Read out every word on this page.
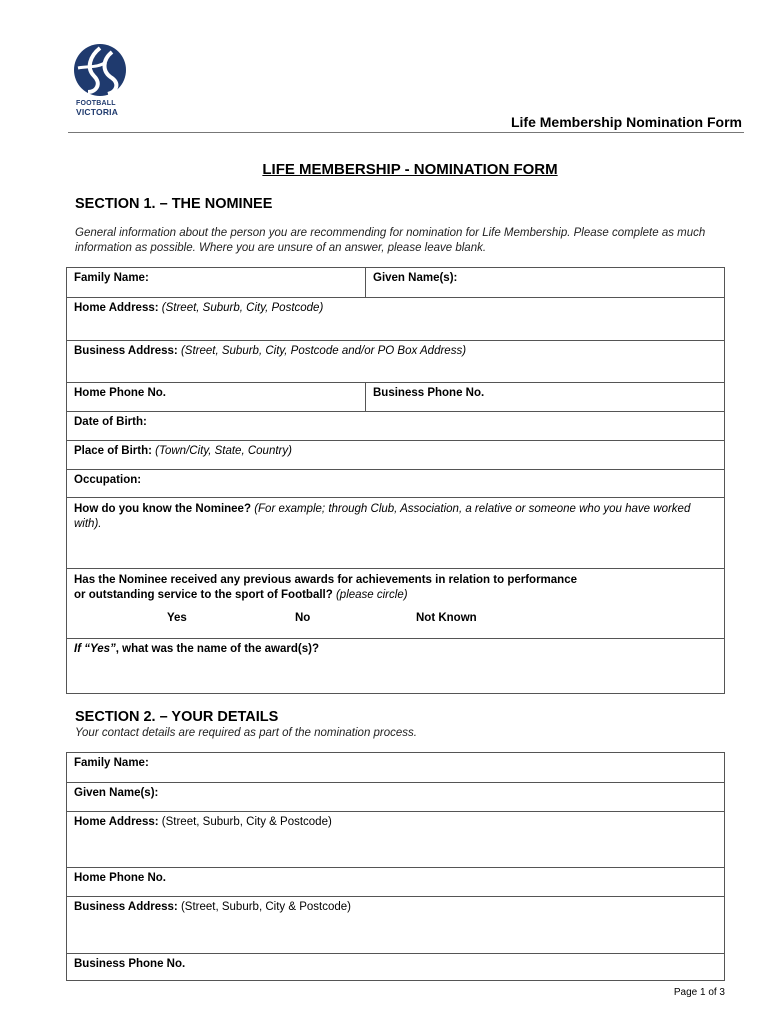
FOOTBALL
VICTORIA
Life Membership Nomination Form
LIFE MEMBERSHIP - NOMINATION FORM
SECTION 1. – THE NOMINEE
General information about the person you are recommending for nomination for Life Membership. Please complete as much information as possible. Where you are unsure of an answer, please leave blank.
Family Name:	Given Name(s):
Home Address: (Street, Suburb, City, Postcode)
Business Address: (Street, Suburb, City, Postcode and/or PO Box Address)
Home Phone No.	Business Phone No.
Date of Birth:
Place of Birth: (Town/City, State, Country)
Occupation:
How do you know the Nominee? (For example; through Club, Association, a relative or someone who you have worked with).
Has the Nominee received any previous awards for achievements in relation to performance
or outstanding service to the sport of Football? (please circle)
Yes	No	Not Known
If “Yes”, what was the name of the award(s)?
SECTION 2. – YOUR DETAILS
Your contact details are required as part of the nomination process.
Family Name:
Given Name(s):
Home Address: (Street, Suburb, City & Postcode)
Home Phone No.
Business Address: (Street, Suburb, City & Postcode)
Business Phone No.
Page 1 of 3
